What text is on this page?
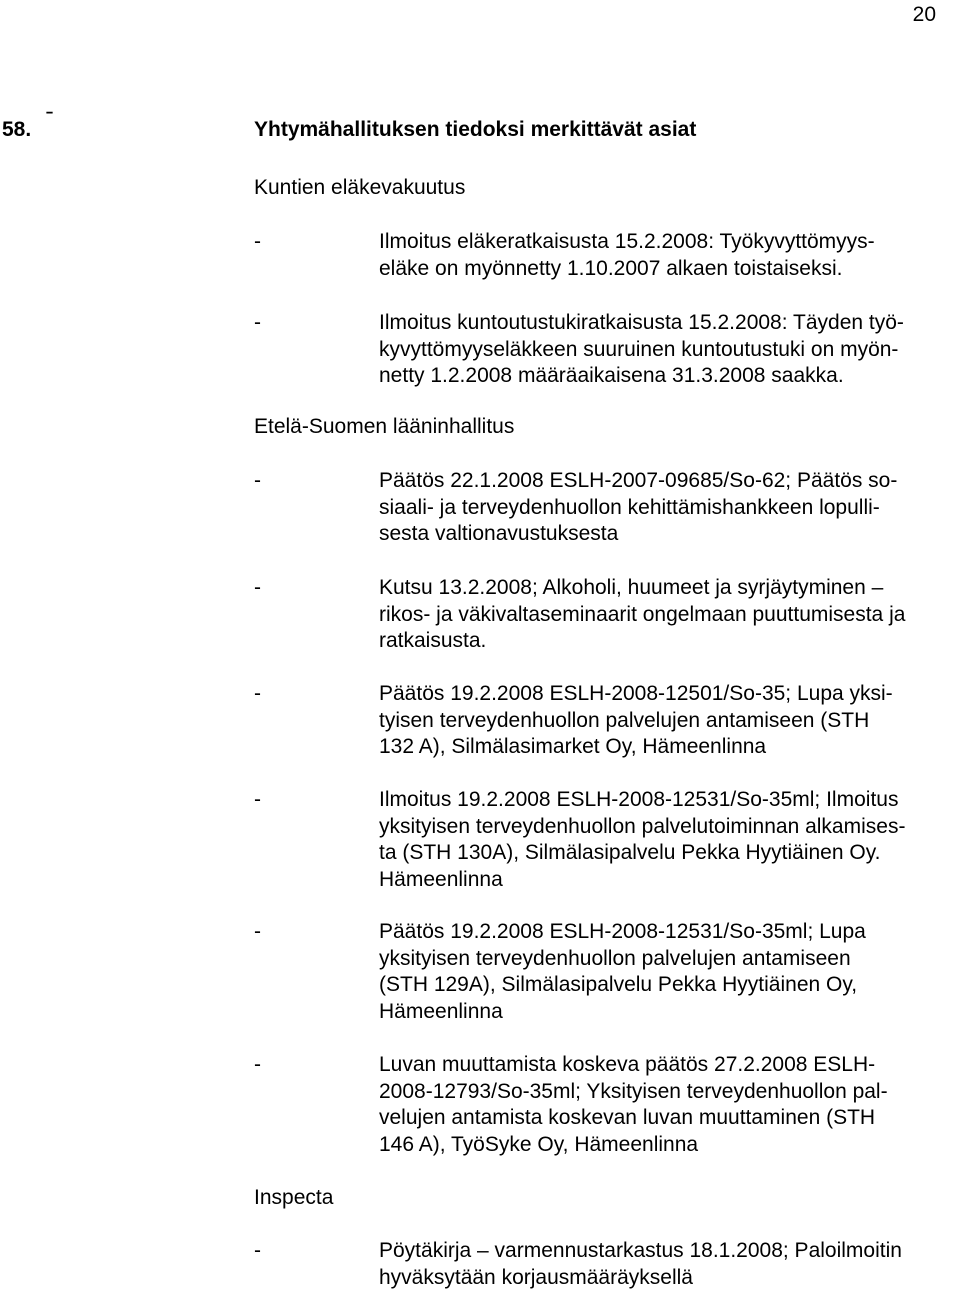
20
58. ˉ	Yhtymähallituksen tiedoksi merkittävät asiat
Kuntien eläkevakuutus
-	Ilmoitus eläkeratkaisusta 15.2.2008: Työkyvyttömyys-
eläke on myönnetty 1.10.2007 alkaen toistaiseksi.
-	Ilmoitus kuntoutustukiratkaisusta 15.2.2008: Täyden työ-
kyvyttömyyseläkkeen suuruinen kuntoutustuki on myön-
netty 1.2.2008 määräaikaisena 31.3.2008 saakka.
Etelä-Suomen lääninhallitus
-	Päätös 22.1.2008 ESLH-2007-09685/So-62; Päätös so-
siaali- ja terveydenhuollon kehittämishankkeen lopulli-
sesta valtionavustuksesta
-	Kutsu 13.2.2008; Alkoholi, huumeet ja syrjäytyminen –
rikos- ja väkivaltaseminaarit ongelmaan puuttumisesta ja
ratkaisusta.
-	Päätös 19.2.2008 ESLH-2008-12501/So-35; Lupa yksi-
tyisen terveydenhuollon palvelujen antamiseen (STH
132 A), Silmälasimarket Oy, Hämeenlinna
-	Ilmoitus 19.2.2008 ESLH-2008-12531/So-35ml; Ilmoitus
yksityisen terveydenhuollon palvelutoiminnan alkamises-
ta (STH 130A), Silmälasipalvelu Pekka Hyytiäinen Oy.
Hämeenlinna
-	Päätös 19.2.2008 ESLH-2008-12531/So-35ml; Lupa
yksityisen terveydenhuollon palvelujen antamiseen
(STH 129A), Silmälasipalvelu Pekka Hyytiäinen Oy,
Hämeenlinna
-	Luvan muuttamista koskeva päätös 27.2.2008 ESLH-
2008-12793/So-35ml; Yksityisen terveydenhuollon pal-
velujen antamista koskevan luvan muuttaminen (STH
146 A), TyöSyke Oy, Hämeenlinna
Inspecta
-	Pöytäkirja – varmennustarkastus 18.1.2008; Paloilmoitin
hyväksytään korjausmääräyksellä
